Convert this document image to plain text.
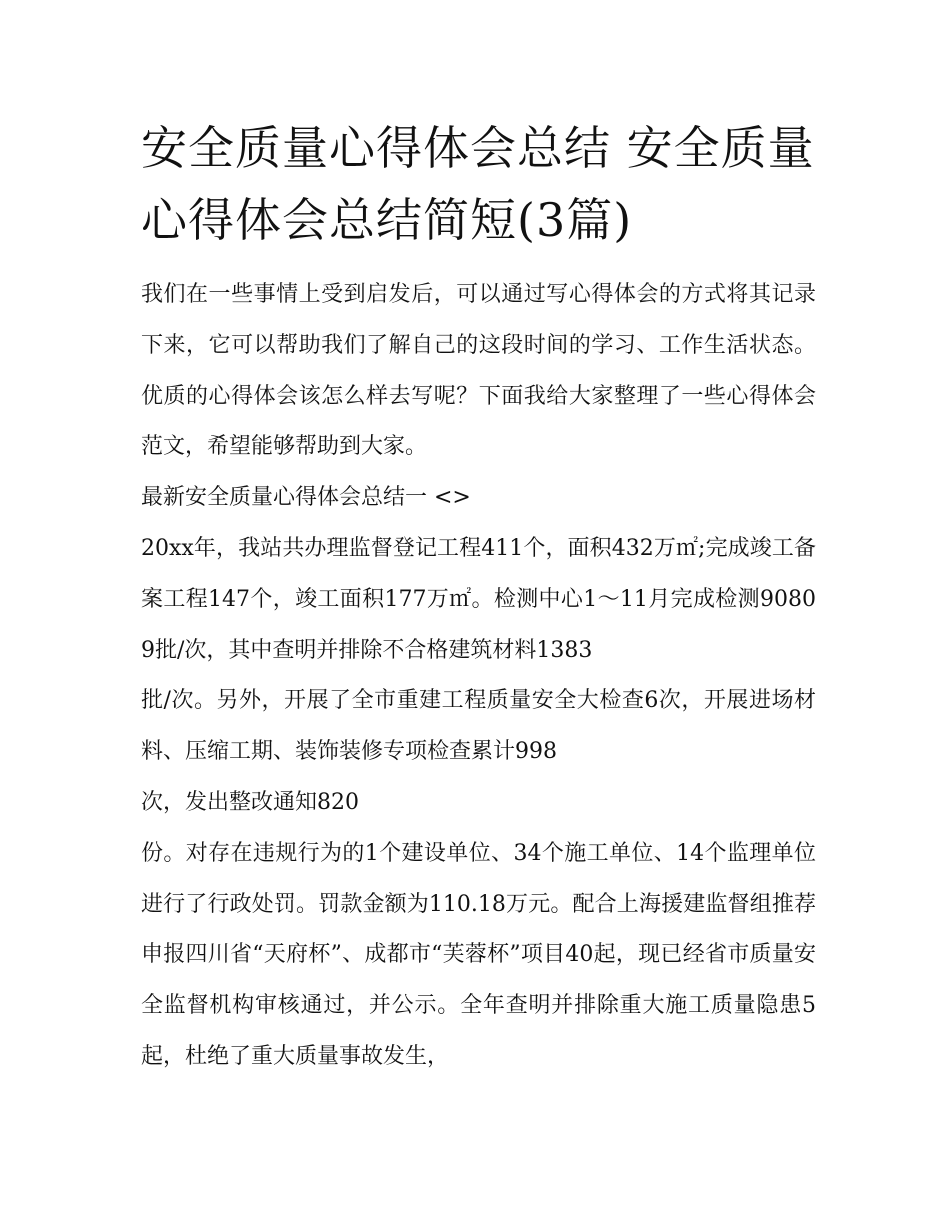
安全质量心得体会总结 安全质量心得体会总结简短(3篇)

我们在一些事情上受到启发后，可以通过写心得体会的方式将其记录下来，它可以帮助我们了解自己的这段时间的学习、工作生活状态。优质的心得体会该怎么样去写呢？下面我给大家整理了一些心得体会范文，希望能够帮助到大家。

最新安全质量心得体会总结一 <>

20xx年，我站共办理监督登记工程411个，面积432万㎡;完成竣工备案工程147个，竣工面积177万㎡。检测中心1～11月完成检测90809批/次，其中查明并排除不合格建筑材料1383

批/次。另外，开展了全市重建工程质量安全大检查6次，开展进场材料、压缩工期、装饰装修专项检查累计998

次，发出整改通知820

份。对存在违规行为的1个建设单位、34个施工单位、14个监理单位进行了行政处罚。罚款金额为110.18万元。配合上海援建监督组推荐申报四川省“天府杯”、成都市“芙蓉杯”项目40起，现已经省市质量安全监督机构审核通过，并公示。全年查明并排除重大施工质量隐患5起，杜绝了重大质量事故发生，
